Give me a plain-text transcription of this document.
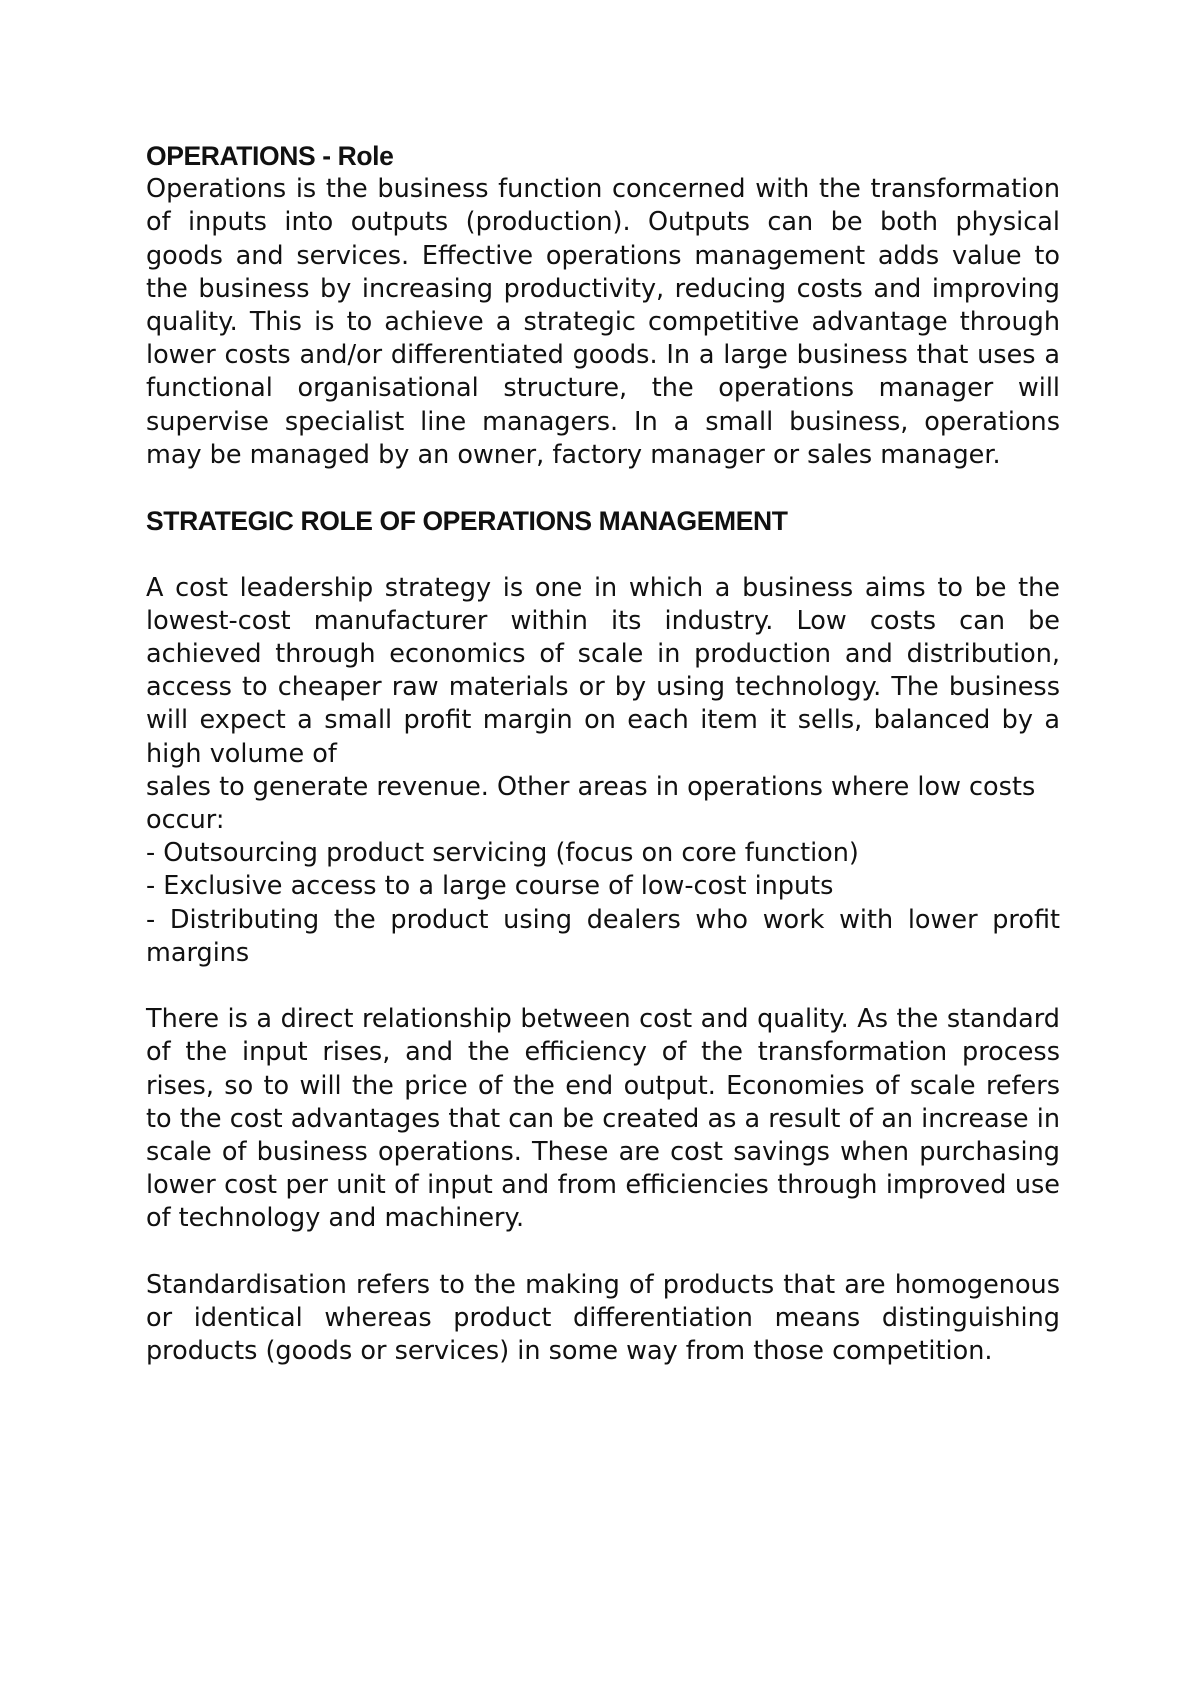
OPERATIONS - Role

Operations is the business function concerned with the transformation of inputs into outputs (production). Outputs can be both physical goods and services. Effective operations management adds value to the business by increasing productivity, reducing costs and improving quality. This is to achieve a strategic competitive advantage through lower costs and/or differentiated goods. In a large business that uses a functional organisational structure, the operations manager will supervise specialist line managers. In a small business, operations may be managed by an owner, factory manager or sales manager.

STRATEGIC ROLE OF OPERATIONS MANAGEMENT

A cost leadership strategy is one in which a business aims to be the lowest-cost manufacturer within its industry. Low costs can be achieved through economics of scale in production and distribution, access to cheaper raw materials or by using technology. The business will expect a small profit margin on each item it sells, balanced by a high volume of

sales to generate revenue. Other areas in operations where low costs occur:

- Outsourcing product servicing (focus on core function)

- Exclusive access to a large course of low-cost inputs

- Distributing the product using dealers who work with lower profit margins

There is a direct relationship between cost and quality. As the standard of the input rises, and the efficiency of the transformation process rises, so to will the price of the end output. Economies of scale refers to the cost advantages that can be created as a result of an increase in scale of business operations. These are cost savings when purchasing lower cost per unit of input and from efficiencies through improved use of technology and machinery.

Standardisation refers to the making of products that are homogenous or identical whereas product differentiation means distinguishing products (goods or services) in some way from those competition.
